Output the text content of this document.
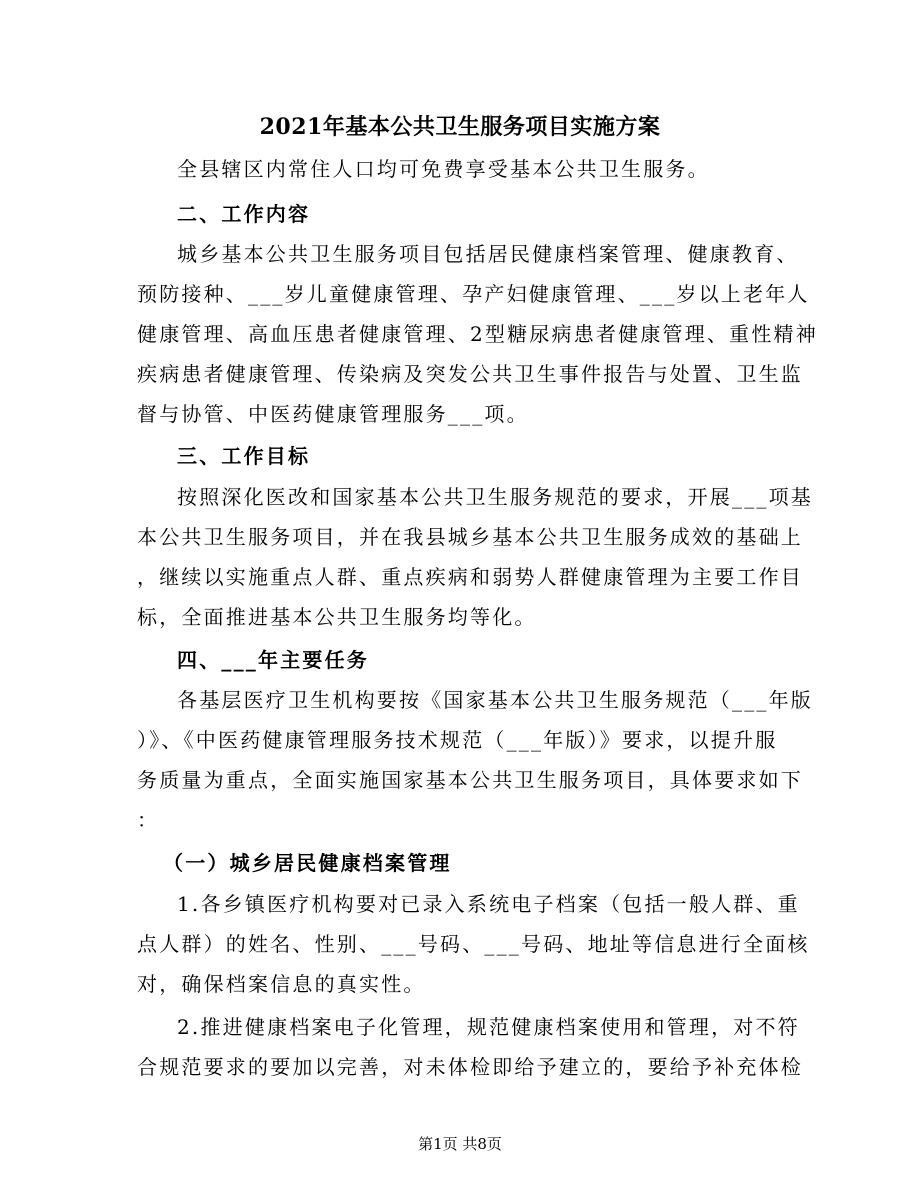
2021年基本公共卫生服务项目实施方案
全县辖区内常住人口均可免费享受基本公共卫生服务。
二、工作内容
城乡基本公共卫生服务项目包括居民健康档案管理、健康教育、
预防接种、___岁儿童健康管理、孕产妇健康管理、___岁以上老年人
健康管理、高血压患者健康管理、2型糖尿病患者健康管理、重性精神
疾病患者健康管理、传染病及突发公共卫生事件报告与处置、卫生监
督与协管、中医药健康管理服务___项。
三、工作目标
按照深化医改和国家基本公共卫生服务规范的要求，开展___项基
本公共卫生服务项目，并在我县城乡基本公共卫生服务成效的基础上
，继续以实施重点人群、重点疾病和弱势人群健康管理为主要工作目
标，全面推进基本公共卫生服务均等化。
四、___年主要任务
各基层医疗卫生机构要按《国家基本公共卫生服务规范（___年版
）》、《中医药健康管理服务技术规范（___年版）》要求，以提升服
务质量为重点，全面实施国家基本公共卫生服务项目，具体要求如下
：
（一）城乡居民健康档案管理
1.各乡镇医疗机构要对已录入系统电子档案（包括一般人群、重
点人群）的姓名、性别、___号码、___号码、地址等信息进行全面核
对，确保档案信息的真实性。
2.推进健康档案电子化管理，规范健康档案使用和管理，对不符
合规范要求的要加以完善，对未体检即给予建立的，要给予补充体检
第1页 共8页
